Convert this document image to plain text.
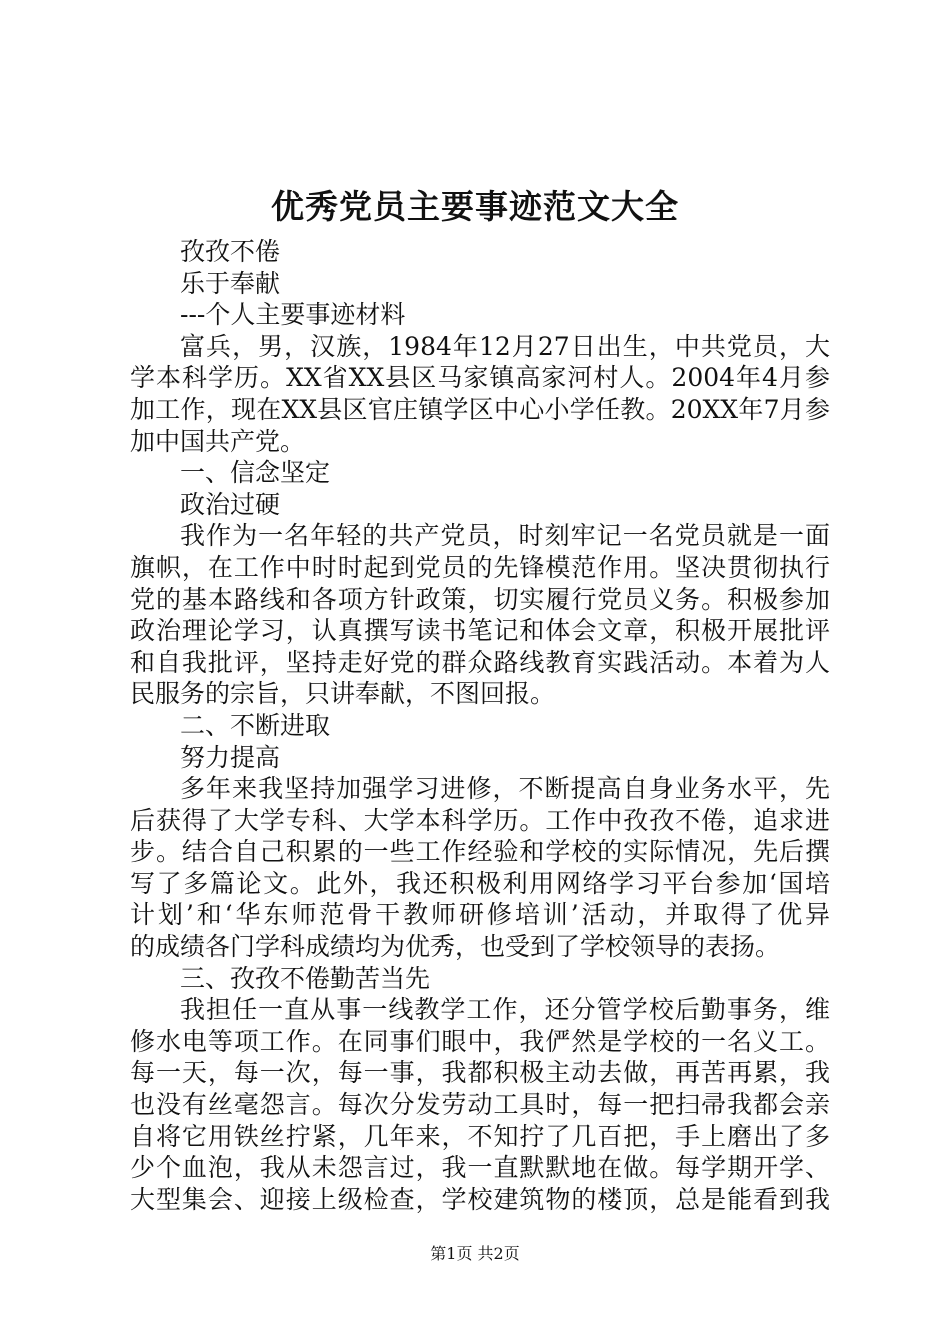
优秀党员主要事迹范文大全
孜孜不倦
乐于奉献
---个人主要事迹材料
富兵，男，汉族，1984年12月27日出生，中共党员，大
学本科学历。XX省XX县区马家镇高家河村人。2004年4月参
加工作，现在XX县区官庄镇学区中心小学任教。20XX年7月参
加中国共产党。
一、信念坚定
政治过硬
我作为一名年轻的共产党员，时刻牢记一名党员就是一面
旗帜，在工作中时时起到党员的先锋模范作用。坚决贯彻执行
党的基本路线和各项方针政策，切实履行党员义务。积极参加
政治理论学习，认真撰写读书笔记和体会文章，积极开展批评
和自我批评，坚持走好党的群众路线教育实践活动。本着为人
民服务的宗旨，只讲奉献，不图回报。
二、不断进取
努力提高
多年来我坚持加强学习进修，不断提高自身业务水平，先
后获得了大学专科、大学本科学历。工作中孜孜不倦，追求进
步。结合自己积累的一些工作经验和学校的实际情况，先后撰
写了多篇论文。此外，我还积极利用网络学习平台参加‘国培
计划’和‘华东师范骨干教师研修培训’活动，并取得了优异
的成绩各门学科成绩均为优秀，也受到了学校领导的表扬。
三、孜孜不倦勤苦当先
我担任一直从事一线教学工作，还分管学校后勤事务，维
修水电等项工作。在同事们眼中，我俨然是学校的一名义工。
每一天，每一次，每一事，我都积极主动去做，再苦再累，我
也没有丝毫怨言。每次分发劳动工具时，每一把扫帚我都会亲
自将它用铁丝拧紧，几年来，不知拧了几百把，手上磨出了多
少个血泡，我从未怨言过，我一直默默地在做。每学期开学、
大型集会、迎接上级检查，学校建筑物的楼顶，总是能看到我
第1页 共2页
